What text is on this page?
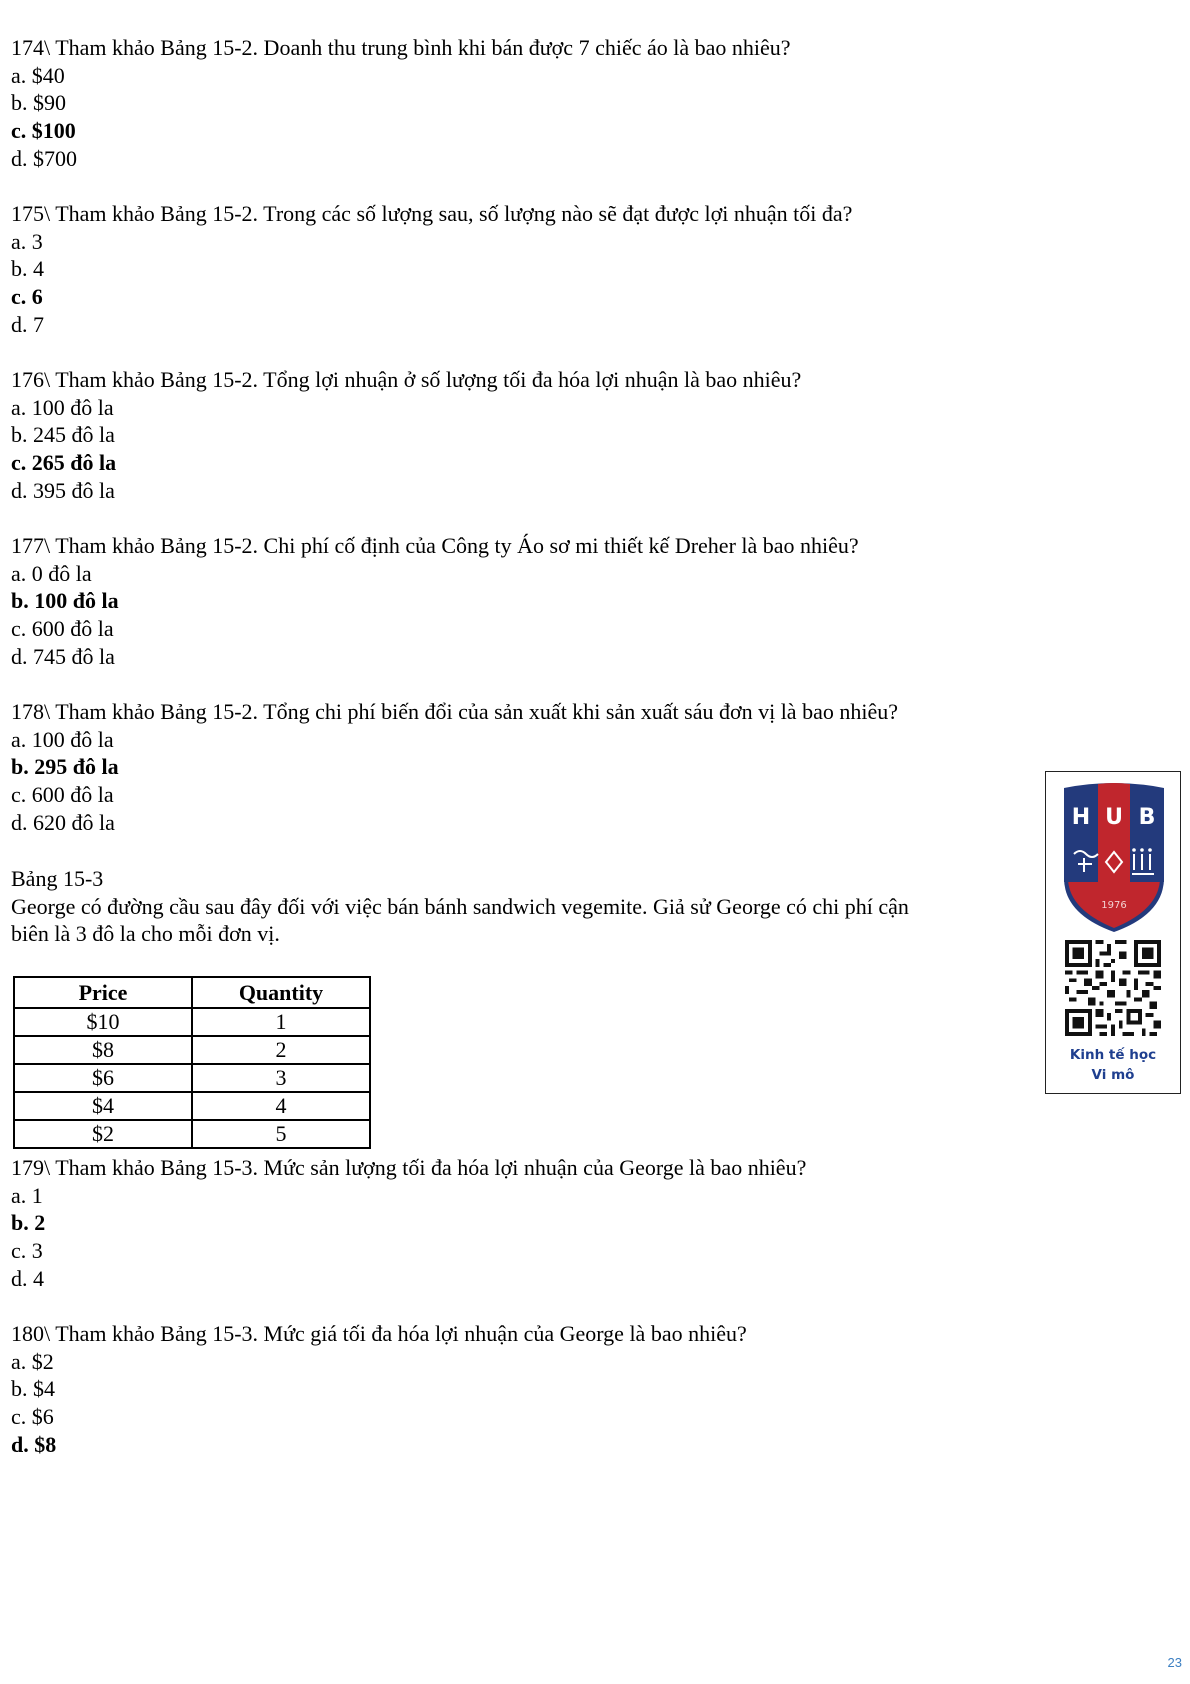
174\ Tham khảo Bảng 15-2. Doanh thu trung bình khi bán được 7 chiếc áo là bao nhiêu?
a. $40
b. $90
c. $100
d. $700
175\ Tham khảo Bảng 15-2. Trong các số lượng sau, số lượng nào sẽ đạt được lợi nhuận tối đa?
a. 3
b. 4
c. 6
d. 7
176\ Tham khảo Bảng 15-2. Tổng lợi nhuận ở số lượng tối đa hóa lợi nhuận là bao nhiêu?
a. 100 đô la
b. 245 đô la
c. 265 đô la
d. 395 đô la
177\ Tham khảo Bảng 15-2. Chi phí cố định của Công ty Áo sơ mi thiết kế Dreher là bao nhiêu?
a. 0 đô la
b. 100 đô la
c. 600 đô la
d. 745 đô la
178\ Tham khảo Bảng 15-2. Tổng chi phí biến đổi của sản xuất khi sản xuất sáu đơn vị là bao nhiêu?
a. 100 đô la
b. 295 đô la
c. 600 đô la
d. 620 đô la
Bảng 15-3
George có đường cầu sau đây đối với việc bán bánh sandwich vegemite. Giả sử George có chi phí cận
biên là 3 đô la cho mỗi đơn vị.
Price	Quantity
$10	1
$8	2
$6	3
$4	4
$2	5
179\ Tham khảo Bảng 15-3. Mức sản lượng tối đa hóa lợi nhuận của George là bao nhiêu?
a. 1
b. 2
c. 3
d. 4
180\ Tham khảo Bảng 15-3. Mức giá tối đa hóa lợi nhuận của George là bao nhiêu?
a. $2
b. $4
c. $6
d. $8
H U B
1976
Kinh tế học
Vi mô
23
